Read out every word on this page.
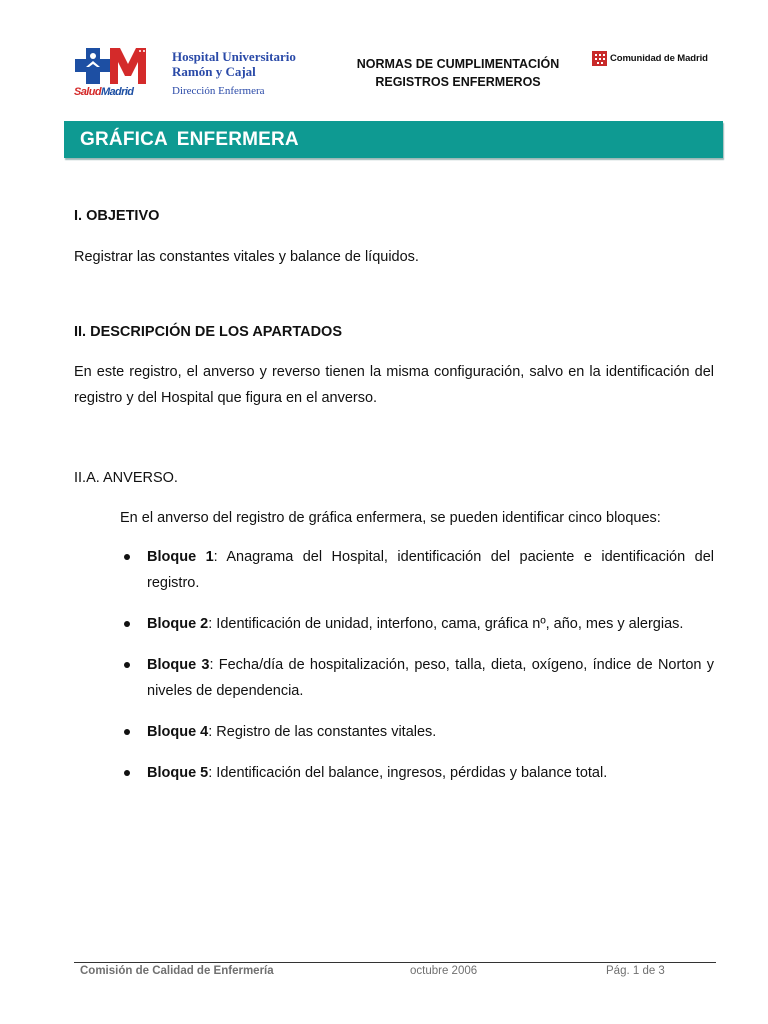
SaludMadrid
Hospital Universitario Ramón y Cajal
Dirección Enfermera
NORMAS DE CUMPLIMENTACIÓN
REGISTROS ENFERMEROS
Comunidad de Madrid
GRÁFICA ENFERMERA

I. OBJETIVO

Registrar las constantes vitales y balance de líquidos.

II. DESCRIPCIÓN DE LOS APARTADOS

En este registro, el anverso y reverso tienen la misma configuración, salvo en la identificación del registro y del Hospital que figura en el anverso.

II.A. ANVERSO.

En el anverso del registro de gráfica enfermera, se pueden identificar cinco bloques:

Bloque 1: Anagrama del Hospital, identificación del paciente e identificación del registro.
Bloque 2: Identificación de unidad, interfono, cama, gráfica nº, año, mes y alergias.
Bloque 3: Fecha/día de hospitalización, peso, talla, dieta, oxígeno, índice de Norton y niveles de dependencia.
Bloque 4: Registro de las constantes vitales.
Bloque 5: Identificación del balance, ingresos, pérdidas y balance total.
Comisión de Calidad de Enfermería	octubre 2006	Pág. 1 de 3
